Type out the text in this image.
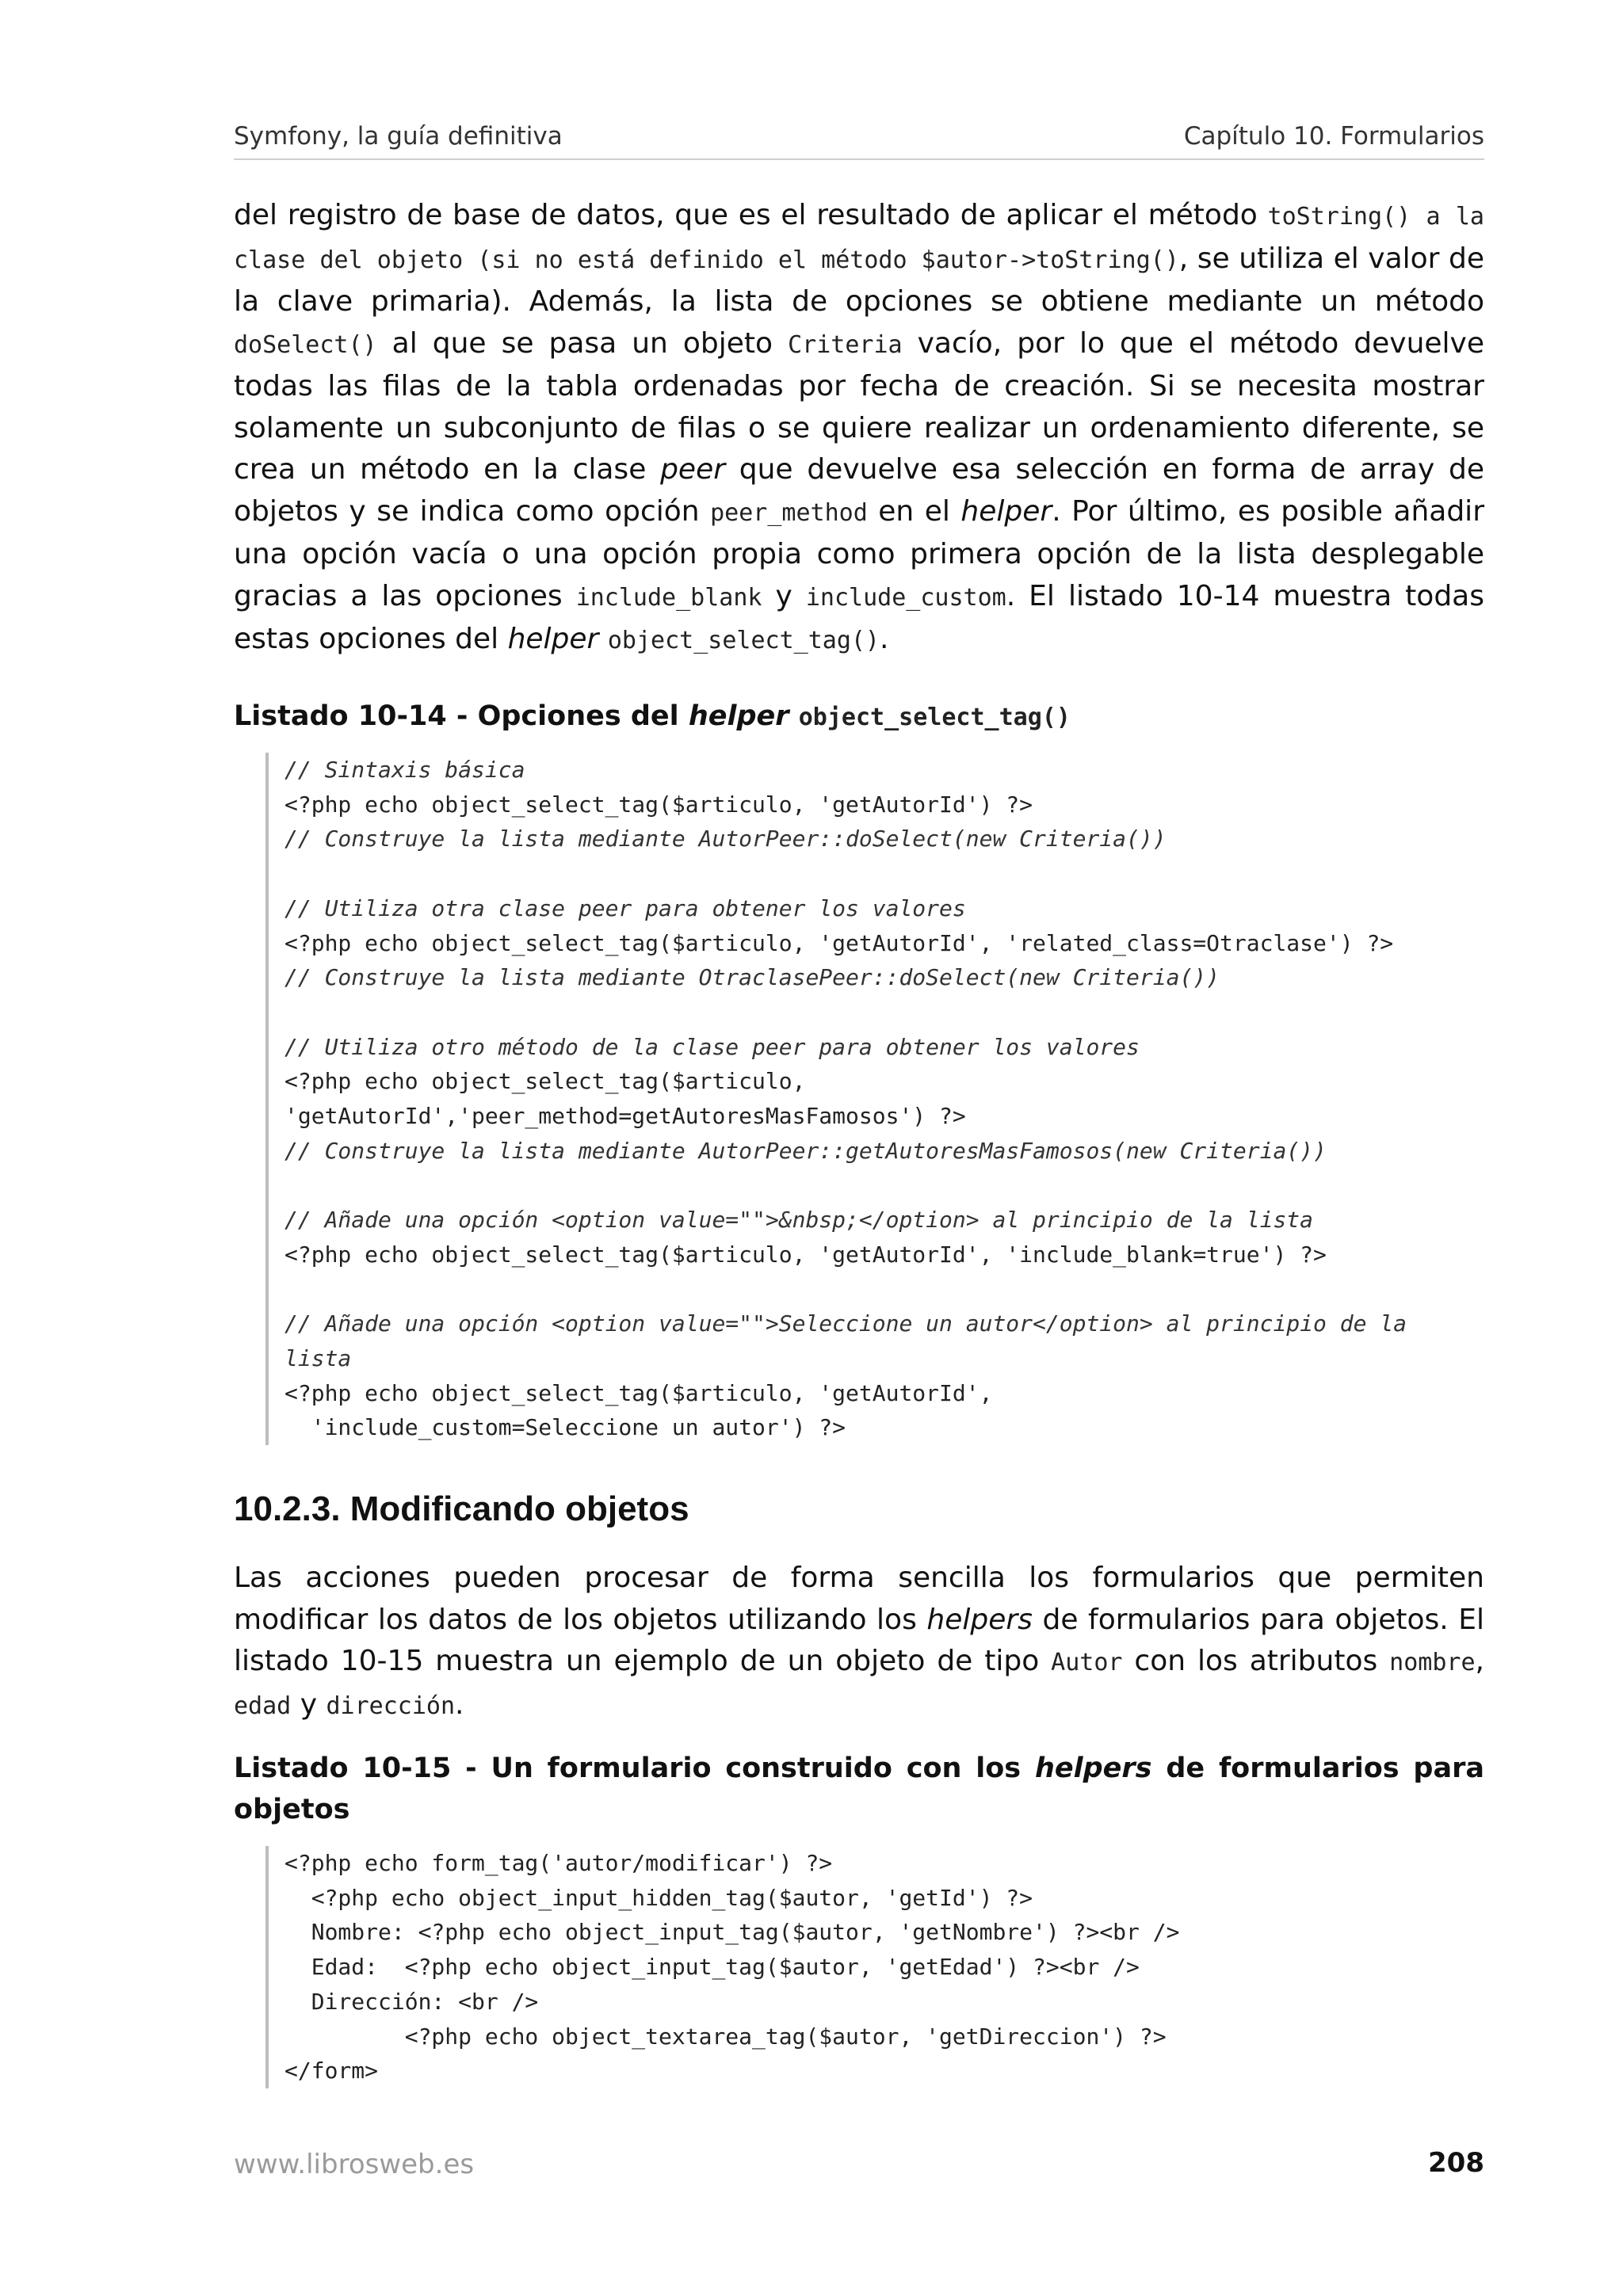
Symfony, la guía definitiva	Capítulo 10. Formularios

del registro de base de datos, que es el resultado de aplicar el método toString() a la clase del objeto (si no está definido el método $autor->toString(), se utiliza el valor de la clave primaria). Además, la lista de opciones se obtiene mediante un método doSelect() al que se pasa un objeto Criteria vacío, por lo que el método devuelve todas las filas de la tabla ordenadas por fecha de creación. Si se necesita mostrar solamente un subconjunto de filas o se quiere realizar un ordenamiento diferente, se crea un método en la clase peer que devuelve esa selección en forma de array de objetos y se indica como opción peer_method en el helper. Por último, es posible añadir una opción vacía o una opción propia como primera opción de la lista desplegable gracias a las opciones include_blank y include_custom. El listado 10-14 muestra todas estas opciones del helper object_select_tag().

Listado 10-14 - Opciones del helper object_select_tag()

// Sintaxis básica
<?php echo object_select_tag($articulo, 'getAutorId') ?>
// Construye la lista mediante AutorPeer::doSelect(new Criteria())

// Utiliza otra clase peer para obtener los valores
<?php echo object_select_tag($articulo, 'getAutorId', 'related_class=Otraclase') ?>
// Construye la lista mediante OtraclasePeer::doSelect(new Criteria())

// Utiliza otro método de la clase peer para obtener los valores
<?php echo object_select_tag($articulo,
'getAutorId','peer_method=getAutoresMasFamosos') ?>
// Construye la lista mediante AutorPeer::getAutoresMasFamosos(new Criteria())

// Añade una opción <option value="">&nbsp;</option> al principio de la lista
<?php echo object_select_tag($articulo, 'getAutorId', 'include_blank=true') ?>

// Añade una opción <option value="">Seleccione un autor</option> al principio de la
lista
<?php echo object_select_tag($articulo, 'getAutorId',
'include_custom=Seleccione un autor') ?>

10.2.3. Modificando objetos

Las acciones pueden procesar de forma sencilla los formularios que permiten modificar los datos de los objetos utilizando los helpers de formularios para objetos. El listado 10-15 muestra un ejemplo de un objeto de tipo Autor con los atributos nombre, edad y dirección.

Listado 10-15 - Un formulario construido con los helpers de formularios para objetos

<?php echo form_tag('autor/modificar') ?>
<?php echo object_input_hidden_tag($autor, 'getId') ?>
Nombre: <?php echo object_input_tag($autor, 'getNombre') ?><br />
Edad:  <?php echo object_input_tag($autor, 'getEdad') ?><br />
Dirección: <br />
<?php echo object_textarea_tag($autor, 'getDireccion') ?>
</form>

www.librosweb.es	208
